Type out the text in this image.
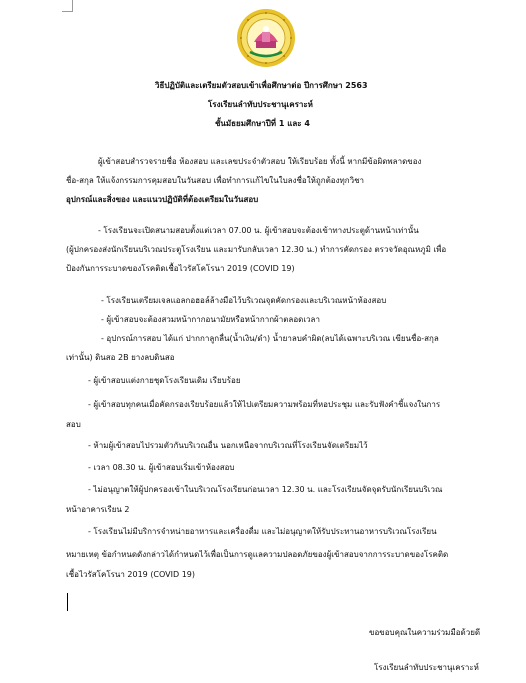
วิธีปฏิบัติและเตรียมตัวสอบเข้าเพื่อศึกษาต่อ ปีการศึกษา 2563
โรงเรียนลำทับประชานุเคราะห์
ชั้นมัธยมศึกษาปีที่ 1 และ 4
ผู้เข้าสอบสำรวจรายชื่อ ห้องสอบ และเลขประจำตัวสอบ ให้เรียบร้อย ทั้งนี้ หากมีข้อผิดพลาดของ
ชื่อ-สกุล ให้แจ้งกรรมการคุมสอบในวันสอบ เพื่อทำการแก้ไขในใบลงชื่อให้ถูกต้องทุกวิชา
อุปกรณ์และสิ่งของ และแนวปฏิบัติที่ต้องเตรียมในวันสอบ
- โรงเรียนจะเปิดสนามสอบตั้งแต่เวลา 07.00 น. ผู้เข้าสอบจะต้องเข้าทางประตูด้านหน้าเท่านั้น
(ผู้ปกครองส่งนักเรียนบริเวณประตูโรงเรียน และมารับกลับเวลา 12.30 น.) ทำการคัดกรอง ตรวจวัดอุณหภูมิ เพื่อ
ป้องกันการระบาดของโรคติดเชื้อไวรัสโคโรนา 2019 (COVID 19)
- โรงเรียนเตรียมเจลแอลกอฮอล์ล้างมือไว้บริเวณจุดคัดกรองและบริเวณหน้าห้องสอบ
- ผู้เข้าสอบจะต้องสวมหน้ากากอนามัยหรือหน้ากากผ้าตลอดเวลา
- อุปกรณ์การสอบ ได้แก่ ปากกาลูกลื่น(น้ำเงิน/ดำ) น้ำยาลบคำผิด(ลบได้เฉพาะบริเวณ เขียนชื่อ-สกุล
เท่านั้น) ดินสอ 2B ยางลบดินสอ
- ผู้เข้าสอบแต่งกายชุดโรงเรียนเดิม เรียบร้อย
- ผู้เข้าสอบทุกคนเมื่อคัดกรองเรียบร้อยแล้วให้ไปเตรียมความพร้อมที่หอประชุม และรับฟังคำชี้แจงในการ
สอบ
- ห้ามผู้เข้าสอบไปรวมตัวกันบริเวณอื่น นอกเหนือจากบริเวณที่โรงเรียนจัดเตรียมไว้
- เวลา 08.30 น. ผู้เข้าสอบเริ่มเข้าห้องสอบ
- ไม่อนุญาตให้ผู้ปกครองเข้าในบริเวณโรงเรียนก่อนเวลา 12.30 น. และโรงเรียนจัดจุดรับนักเรียนบริเวณ
หน้าอาคารเรียน 2
- โรงเรียนไม่มีบริการจำหน่ายอาหารและเครื่องดื่ม และไม่อนุญาตให้รับประทานอาหารบริเวณโรงเรียน
หมายเหตุ ข้อกำหนดดังกล่าวได้กำหนดไว้เพื่อเป็นการดูแลความปลอดภัยของผู้เข้าสอบจากการระบาดของโรคติด
เชื้อไวรัสโคโรนา 2019 (COVID 19)
ขอขอบคุณในความร่วมมือด้วยดี
โรงเรียนลำทับประชานุเคราะห์
